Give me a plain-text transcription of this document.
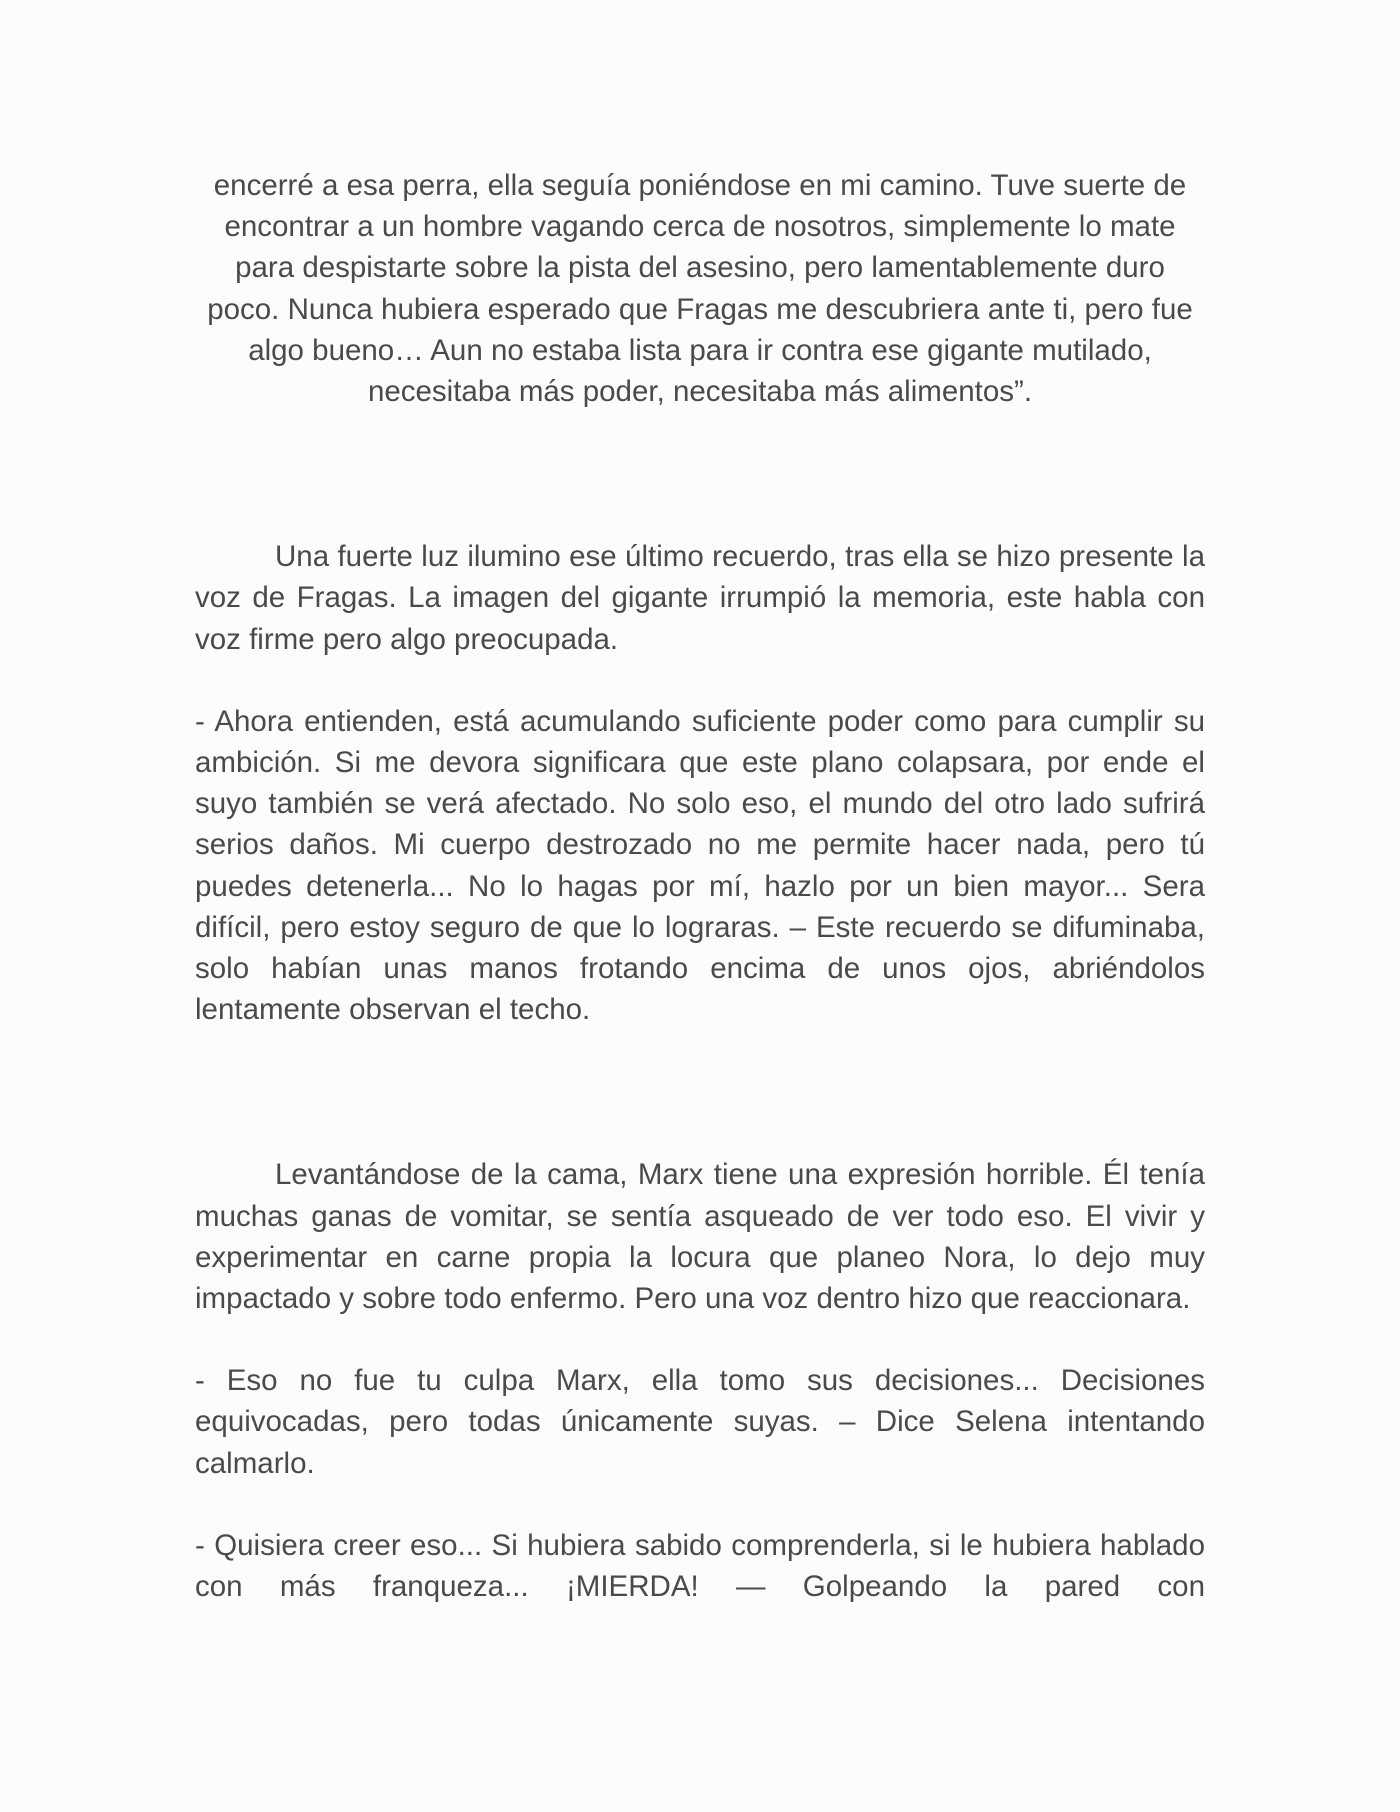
encerré a esa perra, ella seguía poniéndose en mi camino. Tuve suerte de encontrar a un hombre vagando cerca de nosotros, simplemente lo mate para despistarte sobre la pista del asesino, pero lamentablemente duro poco. Nunca hubiera esperado que Fragas me descubriera ante ti, pero fue algo bueno… Aun no estaba lista para ir contra ese gigante mutilado, necesitaba más poder, necesitaba más alimentos”.

Una fuerte luz ilumino ese último recuerdo, tras ella se hizo presente la voz de Fragas. La imagen del gigante irrumpió la memoria, este habla con voz firme pero algo preocupada.

- Ahora entienden, está acumulando suficiente poder como para cumplir su ambición. Si me devora significara que este plano colapsara, por ende el suyo también se verá afectado. No solo eso, el mundo del otro lado sufrirá serios daños. Mi cuerpo destrozado no me permite hacer nada, pero tú puedes detenerla... No lo hagas por mí, hazlo por un bien mayor... Sera difícil, pero estoy seguro de que lo lograras. – Este recuerdo se difuminaba, solo habían unas manos frotando encima de unos ojos, abriéndolos lentamente observan el techo.

Levantándose de la cama, Marx tiene una expresión horrible. Él tenía muchas ganas de vomitar, se sentía asqueado de ver todo eso. El vivir y experimentar en carne propia la locura que planeo Nora, lo dejo muy impactado y sobre todo enfermo. Pero una voz dentro hizo que reaccionara.

- Eso no fue tu culpa Marx, ella tomo sus decisiones... Decisiones equivocadas, pero todas únicamente suyas. – Dice Selena intentando calmarlo.

- Quisiera creer eso... Si hubiera sabido comprenderla, si le hubiera hablado con más franqueza... ¡MIERDA! — Golpeando la pared con
